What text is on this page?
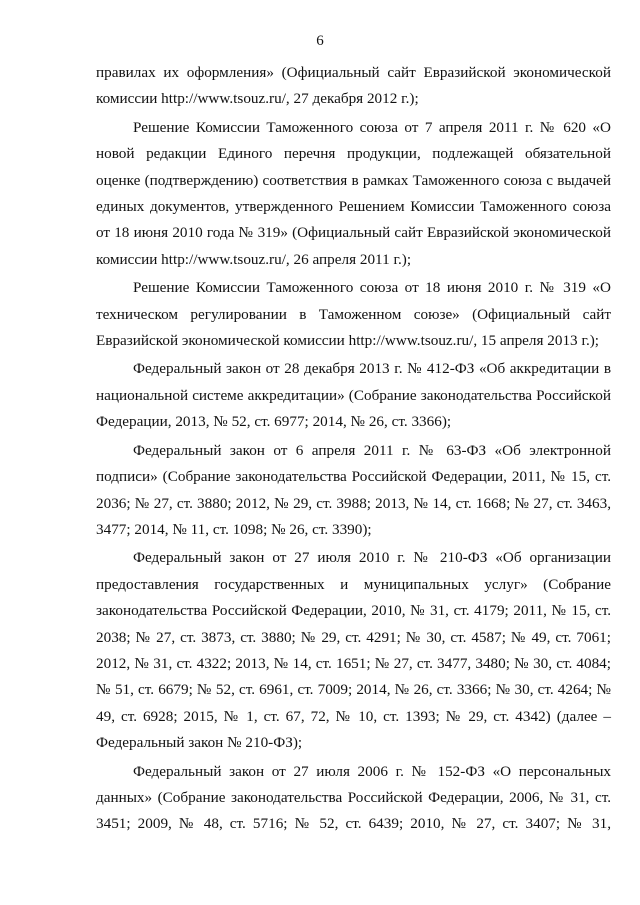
6

правилах их оформления» (Официальный сайт Евразийской экономической комиссии http://www.tsouz.ru/, 27 декабря 2012 г.);

Решение Комиссии Таможенного союза от 7 апреля 2011 г. № 620 «О новой редакции Единого перечня продукции, подлежащей обязательной оценке (подтверждению) соответствия в рамках Таможенного союза с выдачей единых документов, утвержденного Решением Комиссии Таможенного союза от 18 июня 2010 года № 319» (Официальный сайт Евразийской экономической комиссии http://www.tsouz.ru/, 26 апреля 2011 г.);

Решение Комиссии Таможенного союза от 18 июня 2010 г. № 319 «О техническом регулировании в Таможенном союзе» (Официальный сайт Евразийской экономической комиссии http://www.tsouz.ru/, 15 апреля 2013 г.);

Федеральный закон от 28 декабря 2013 г. № 412-ФЗ «Об аккредитации в национальной системе аккредитации» (Собрание законодательства Российской Федерации, 2013, № 52, ст. 6977; 2014, № 26, ст. 3366);

Федеральный закон от 6 апреля 2011 г. № 63-ФЗ «Об электронной подписи» (Собрание законодательства Российской Федерации, 2011, № 15, ст. 2036; № 27, ст. 3880; 2012, № 29, ст. 3988; 2013, № 14, ст. 1668; № 27, ст. 3463, 3477; 2014, № 11, ст. 1098; № 26, ст. 3390);

Федеральный закон от 27 июля 2010 г. № 210-ФЗ «Об организации предоставления государственных и муниципальных услуг» (Собрание законодательства Российской Федерации, 2010, № 31, ст. 4179; 2011, № 15, ст. 2038; № 27, ст. 3873, ст. 3880; № 29, ст. 4291; № 30, ст. 4587; № 49, ст. 7061; 2012, № 31, ст. 4322; 2013, № 14, ст. 1651; № 27, ст. 3477, 3480; № 30, ст. 4084; № 51, ст. 6679; № 52, ст. 6961, ст. 7009; 2014, № 26, ст. 3366; № 30, ст. 4264; № 49, ст. 6928; 2015, № 1, ст. 67, 72, № 10, ст. 1393; № 29, ст. 4342) (далее – Федеральный закон № 210-ФЗ);

Федеральный закон от 27 июля 2006 г. № 152-ФЗ «О персональных данных» (Собрание законодательства Российской Федерации, 2006, № 31, ст. 3451; 2009, № 48, ст. 5716; № 52, ст. 6439; 2010, № 27, ст. 3407; № 31,
